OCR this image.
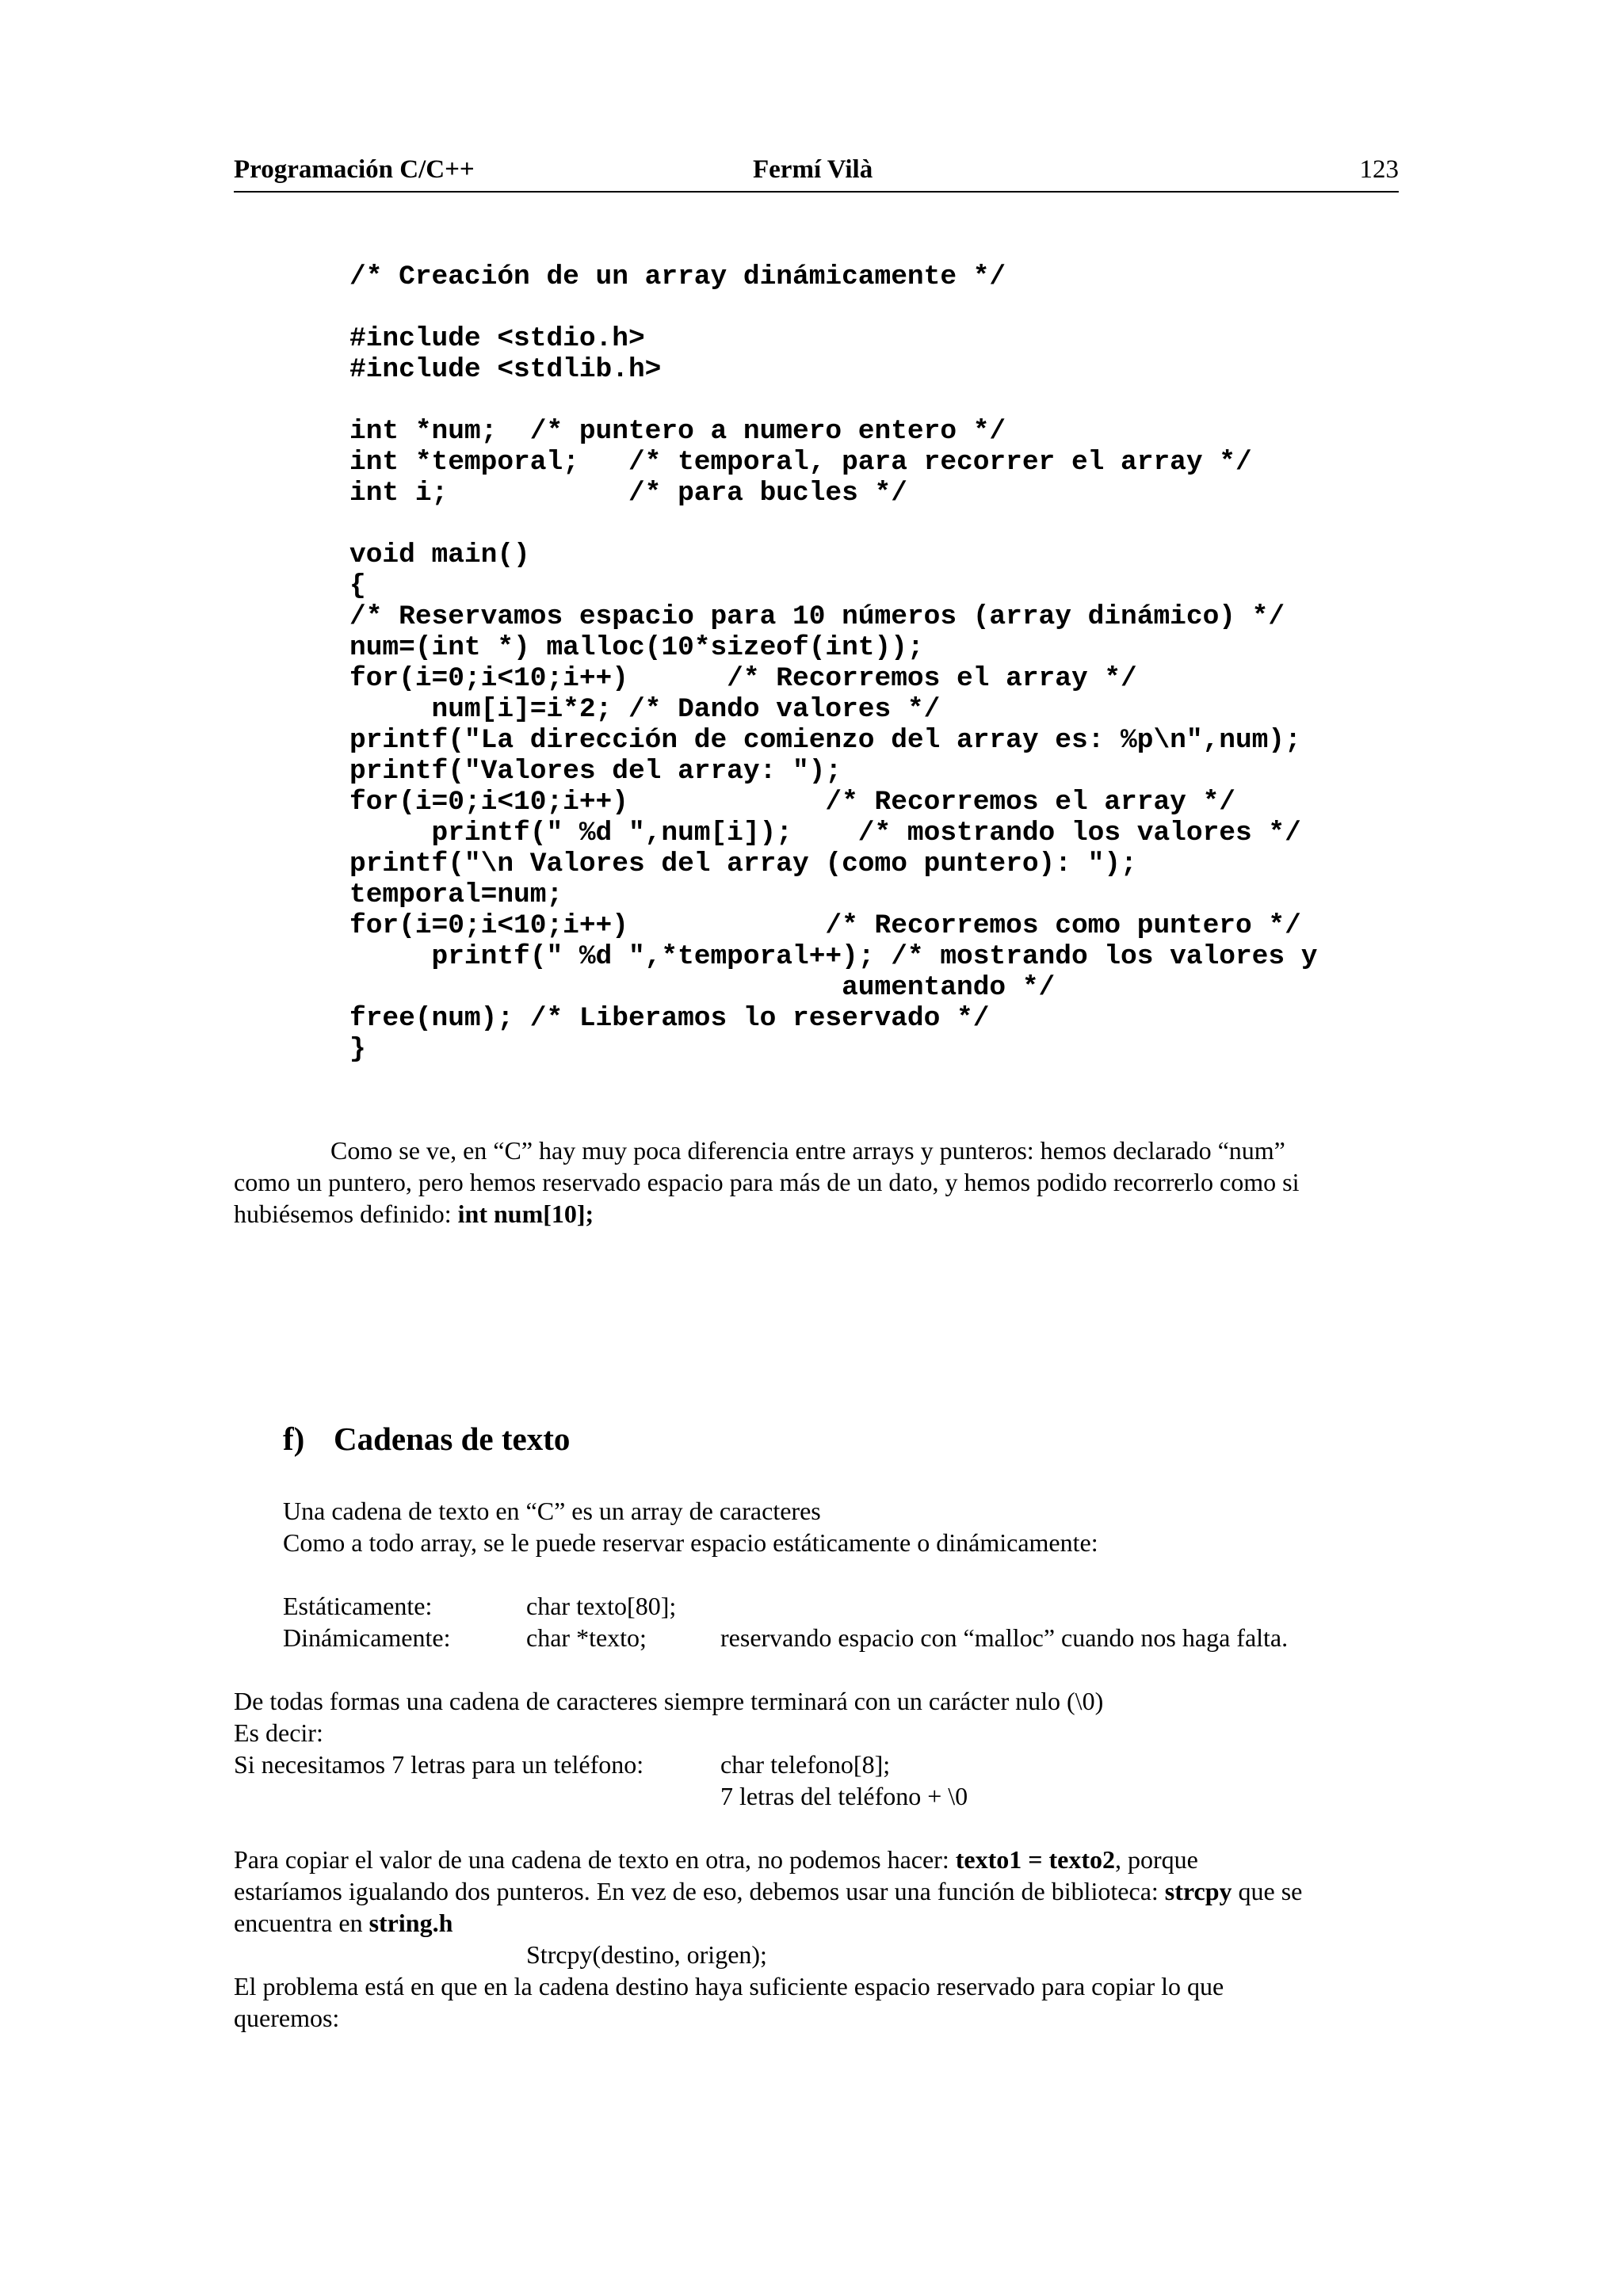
Programación C/C++	Fermí Vilà	123
/* Creación de un array dinámicamente */

#include <stdio.h>
#include <stdlib.h>

int *num;  /* puntero a numero entero */
int *temporal;   /* temporal, para recorrer el array */
int i;           /* para bucles */

void main()
{
/* Reservamos espacio para 10 números (array dinámico) */
num=(int *) malloc(10*sizeof(int));
for(i=0;i<10;i++)      /* Recorremos el array */
num[i]=i*2; /* Dando valores */
printf("La dirección de comienzo del array es: %p\n",num);
printf("Valores del array: ");
for(i=0;i<10;i++)            /* Recorremos el array */
printf(" %d ",num[i]);    /* mostrando los valores */
printf("\n Valores del array (como puntero): ");
temporal=num;
for(i=0;i<10;i++)            /* Recorremos como puntero */
printf(" %d ",*temporal++); /* mostrando los valores y
aumentando */
free(num); /* Liberamos lo reservado */
}

Como se ve, en “C” hay muy poca diferencia entre arrays y punteros: hemos declarado “num”

como un puntero, pero hemos reservado espacio para más de un dato, y hemos podido recorrerlo como si

hubiésemos definido: int num[10];

f) Cadenas de texto
Una cadena de texto en “C” es un array de caracteres
Como a todo array, se le puede reservar espacio estáticamente o dinámicamente:
Estáticamente:	char texto[80];
Dinámicamente:	char *texto;	reservando espacio con “malloc” cuando nos haga falta.
De todas formas una cadena de caracteres siempre terminará con un carácter nulo (\0)
Es decir:
Si necesitamos 7 letras para un teléfono:	char telefono[8];
7 letras del teléfono + \0
Para copiar el valor de una cadena de texto en otra, no podemos hacer: texto1 = texto2, porque
estaríamos igualando dos punteros. En vez de eso, debemos usar una función de biblioteca: strcpy que se
encuentra en string.h
Strcpy(destino, origen);
El problema está en que en la cadena destino haya suficiente espacio reservado para copiar lo que
queremos:
